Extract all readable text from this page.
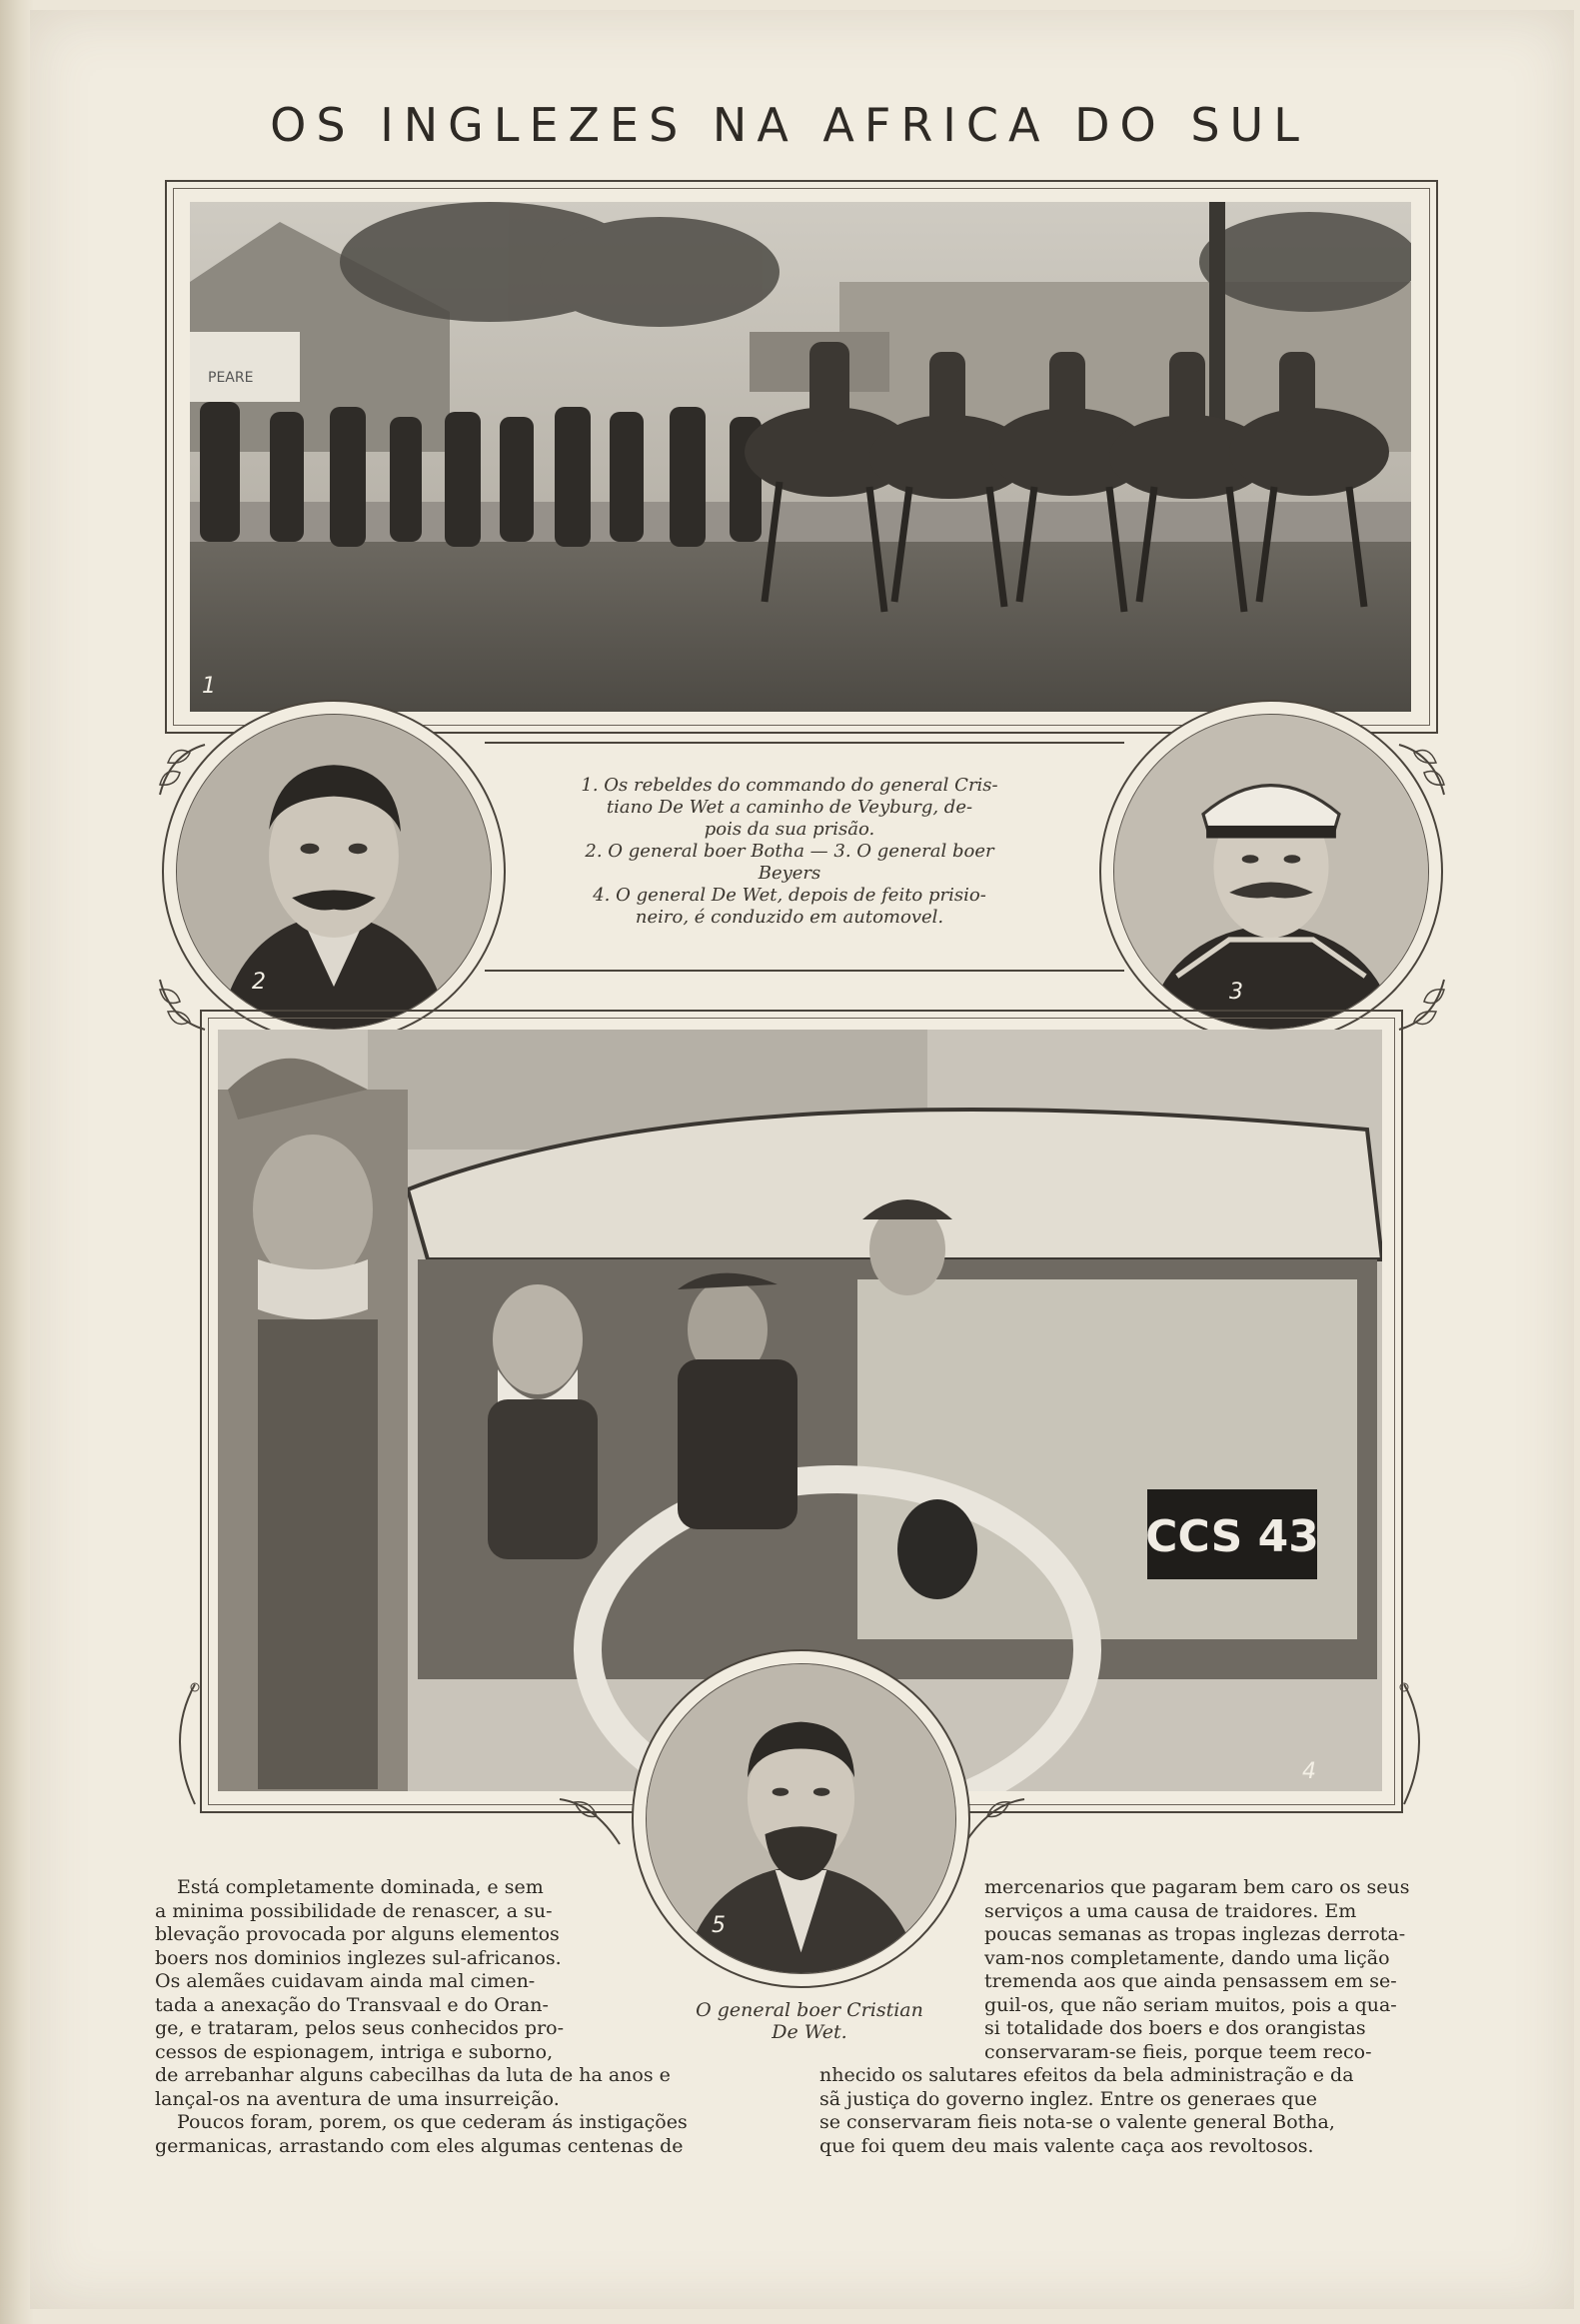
OS INGLEZES NA AFRICA DO SUL
PEARE
1
2	3

1. Os rebeldes do commando do general Cris-

tiano De Wet a caminho de Veyburg, de-

pois da sua prisão.

2. O general boer Botha — 3. O general boer

Beyers

4. O general De Wet, depois de feito prisio-

neiro, é conduzido em automovel.

CCS 43
4
5
O general boer Cristian
De Wet.

Está completamente dominada, e sem

a minima possibilidade de renascer, a su-

blevação provocada por alguns elementos

boers nos dominios inglezes sul-africanos.

Os alemães cuidavam ainda mal cimen-

tada a anexação do Transvaal e do Oran-

ge, e trataram, pelos seus conhecidos pro-

cessos de espionagem, intriga e suborno,

de arrebanhar alguns cabecilhas da luta de ha anos e

lançal-os na aventura de uma insurreição.

Poucos foram, porem, os que cederam ás instigações

germanicas, arrastando com eles algumas centenas de

mercenarios que pagaram bem caro os seus

serviços a uma causa de traidores. Em

poucas semanas as tropas inglezas derrota-

vam-nos completamente, dando uma lição

tremenda aos que ainda pensassem em se-

guil-os, que não seriam muitos, pois a qua-

si totalidade dos boers e dos orangistas

conservaram-se fieis, porque teem reco-

nhecido os salutares efeitos da bela administração e da

sã justiça do governo inglez. Entre os generaes que

se conservaram fieis nota-se o valente general Botha,

que foi quem deu mais valente caça aos revoltosos.
